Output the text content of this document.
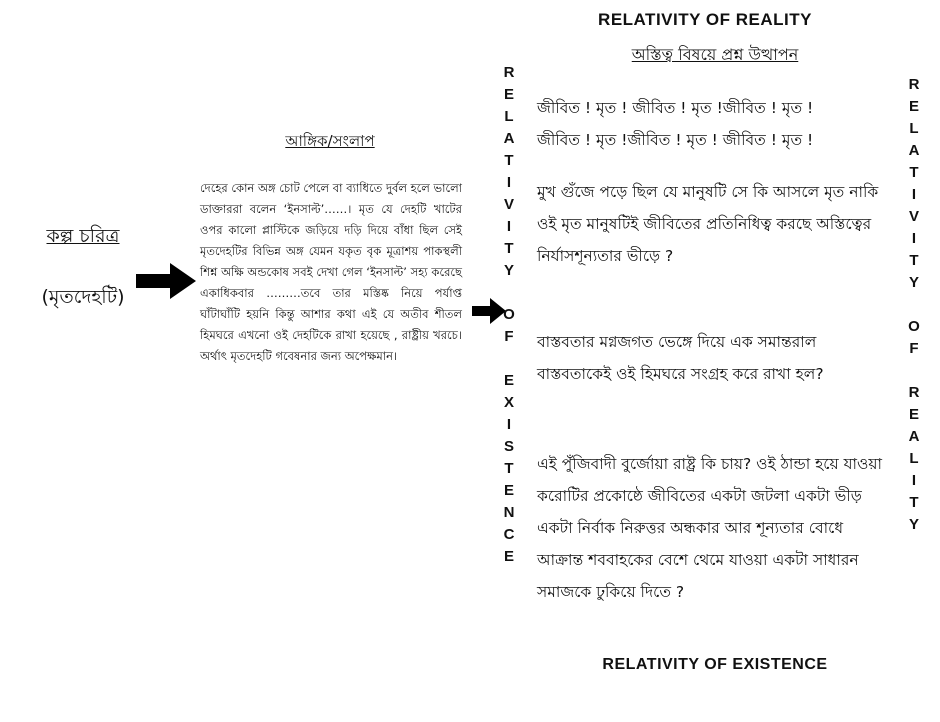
RELATIVITY OF REALITY
অস্তিত্ব বিষয়ে প্রশ্ন উত্থাপন
কল্প চরিত্র
(মৃতদেহটি)
আঙ্গিক/সংলাপ

দেহের কোন অঙ্গ চোট পেলে বা ব্যাধিতে দুর্বল হলে ভালো ডাক্তাররা বলেন ‘ইনসাল্ট’……। মৃত যে দেহটি খাটের ওপর কালো প্লাস্টিকে জড়িয়ে দড়ি দিয়ে বাঁধা ছিল সেই মৃতদেহটির বিভিন্ন অঙ্গ যেমন যকৃত বৃক মূত্রাশয় পাকস্থলী শিশ্ন অক্ষি অন্ডকোষ সবই দেখা গেল ‘ইনসাল্ট’ সহ্য করেছে একাধিকবার ………তবে তার মস্তিষ্ক নিয়ে পর্যাপ্ত ঘাঁটাঘাঁটি হয়নি কিন্তু আশার কথা এই যে অতীব শীতল হিমঘরে এখনো ওই দেহটিকে রাখা হয়েছে , রাষ্ট্রীয় খরচে। অর্থাৎ মৃতদেহটি গবেষনার জন্য অপেক্ষমান।

R
E
L
A
T
I
V
I
T
Y

O
F

E
X
I
S
T
E
N
C
E
R
E
L
A
T
I
V
I
T
Y

O
F

R
E
A
L
I
T
Y

জীবিত ! মৃত ! জীবিত ! মৃত !জীবিত ! মৃত !

জীবিত ! মৃত !জীবিত ! মৃত ! জীবিত ! মৃত !

মুখ গুঁজে পড়ে ছিল যে মানুষটি সে কি আসলে মৃত নাকি ওই মৃত মানুষটিই জীবিতের প্রতিনিধিত্ব করছে অস্তিত্বের নির্যাসশূন্যতার ভীড়ে ?

বাস্তবতার মগ্নজগত ভেঙ্গে দিয়ে এক সমান্তরাল বাস্তবতাকেই ওই হিমঘরে সংগ্রহ করে রাখা হল?

এই পুঁজিবাদী বুর্জোয়া রাষ্ট্র কি চায়? ওই ঠান্ডা হয়ে যাওয়া করোটির প্রকোষ্ঠে জীবিতের একটা জটলা একটা ভীড় একটা নির্বাক নিরুত্তর অন্ধকার আর শূন্যতার বোধে আক্রান্ত শববাহকের বেশে থেমে যাওয়া একটা সাধারন সমাজকে ঢুকিয়ে দিতে ?

RELATIVITY OF EXISTENCE
